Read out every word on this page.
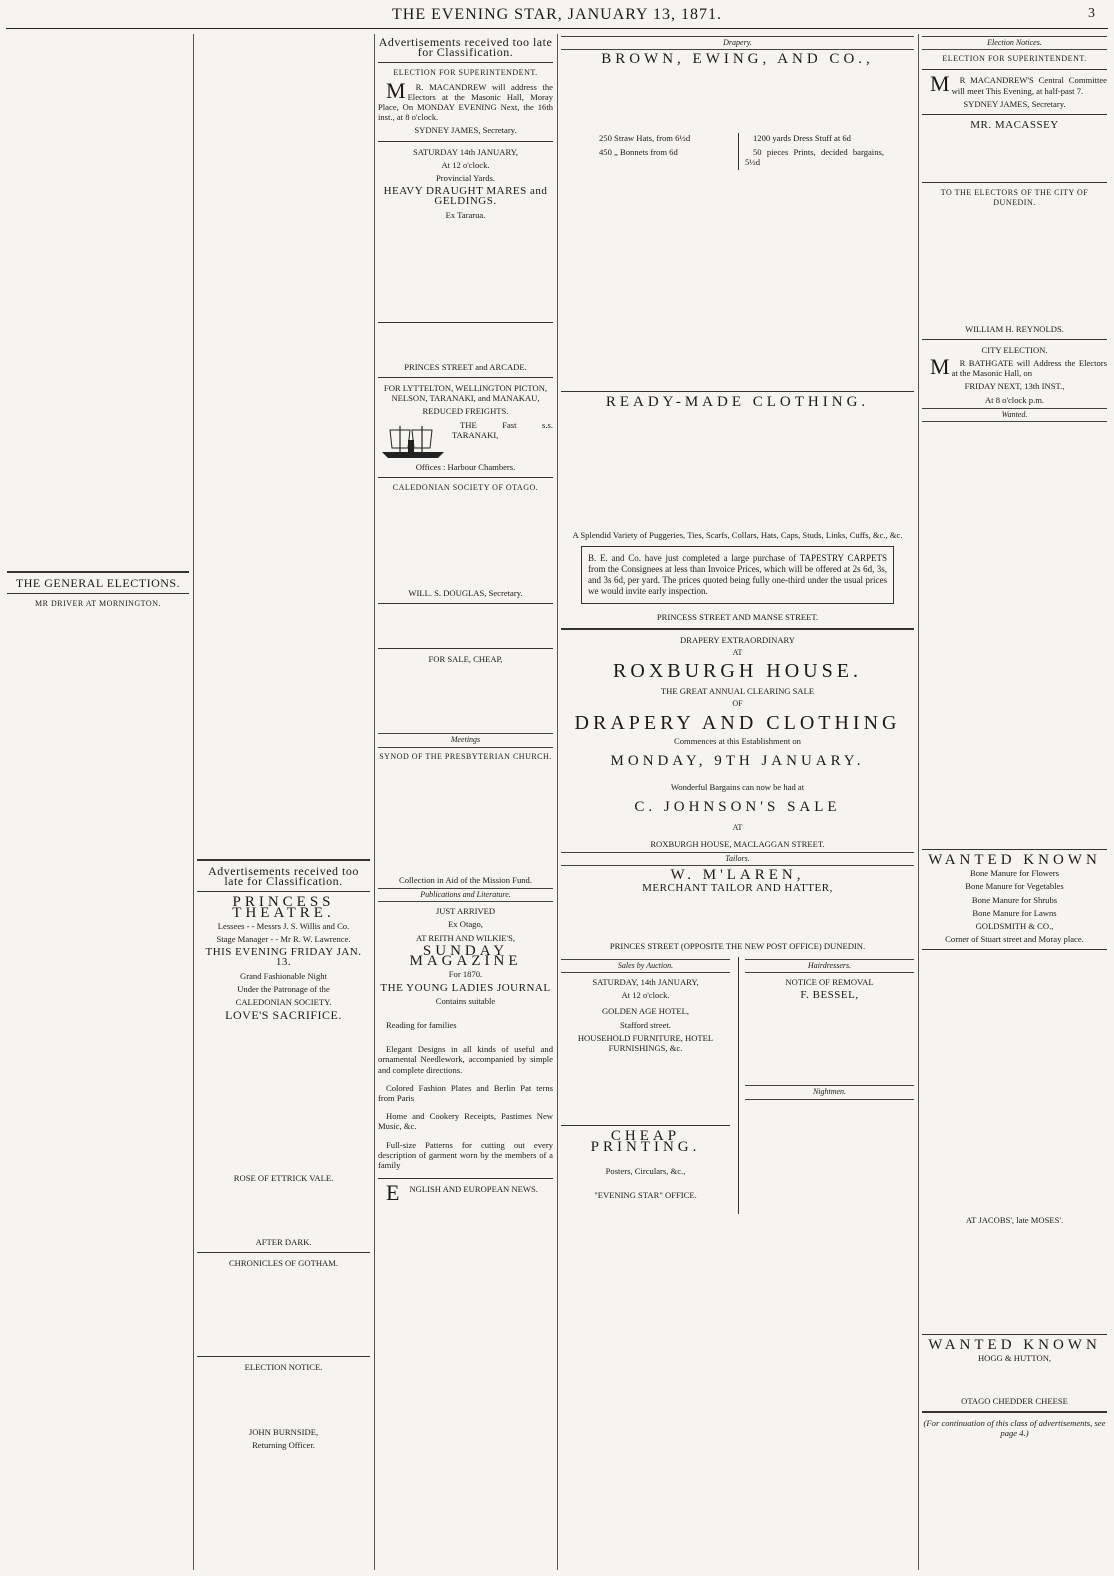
THE EVENING STAR, JANUARY 13, 1871.	3
THE GENERAL ELECTIONS.
MR DRIVER AT MORNINGTON.
Advertisements received too late for Classification.
PRINCESS THEATRE.

Lessees - - Messrs J. S. Willis and Co.

Stage Manager - - Mr R. W. Lawrence.

THIS EVENING FRIDAY JAN. 13.

Grand Fashionable Night

Under the Patronage of the

CALEDONIAN SOCIETY.

LOVE'S SACRIFICE.

ROSE OF ETTRICK VALE.

AFTER DARK.

CHRONICLES OF GOTHAM.

ELECTION NOTICE.

JOHN BURNSIDE,

Returning Officer.

Advertisements received too late for Classification.
ELECTION FOR SUPERINTENDENT.

MR. MACANDREW will address the Electors at the Masonic Hall, Moray Place, On MONDAY EVENING Next, the 16th inst., at 8 o'clock.

SYDNEY JAMES, Secretary.

SATURDAY 14th JANUARY,

At 12 o'clock.

Provincial Yards.

HEAVY DRAUGHT MARES and GELDINGS.

Ex Tararua.

PRINCES STREET and ARCADE.

FOR LYTTELTON, WELLINGTON PICTON, NELSON, TARANAKI, and MANAKAU,

REDUCED FREIGHTS.

THE Fast s.s. TARANAKI,

Offices : Harbour Chambers.

CALEDONIAN SOCIETY OF OTAGO.

WILL. S. DOUGLAS, Secretary.

FOR SALE, CHEAP,

Meetings
SYNOD OF THE PRESBYTERIAN CHURCH.

Collection in Aid of the Mission Fund.

Publications and Literature.

JUST ARRIVED

Ex Otago,

AT REITH AND WILKIE'S,

SUNDAY MAGAZINE

For 1870.

THE YOUNG LADIES JOURNAL

Contains suitable

Reading for families

Elegant Designs in all kinds of useful and ornamental Needlework, accompanied by simple and complete directions.

Colored Fashion Plates and Berlin Pat terns from Paris

Home and Cookery Receipts, Pastimes New Music, &c.

Full-size Patterns for cutting out every description of garment worn by the members of a family

ENGLISH AND EUROPEAN NEWS.

Drapery.
BROWN, EWING, AND CO.,

250 Straw Hats, from 6½d

450 „ Bonnets from 6d

1200 yards Dress Stuff at 6d

50 pieces Prints, decided bargains, 5½d

READY-MADE CLOTHING.

A Splendid Variety of Puggeries, Ties, Scarfs, Collars, Hats, Caps, Studs, Links, Cuffs, &c., &c.

B. E. and Co. have just completed a large purchase of TAPESTRY CARPETS from the Consignees at less than Invoice Prices, which will be offered at 2s 6d, 3s, and 3s 6d, per yard. The prices quoted being fully one-third under the usual prices we would invite early inspection.

PRINCESS STREET AND MANSE STREET.

DRAPERY EXTRAORDINARY

AT

ROXBURGH HOUSE.

THE GREAT ANNUAL CLEARING SALE

OF

DRAPERY AND CLOTHING

Commences at this Establishment on

MONDAY, 9TH JANUARY.

Wonderful Bargains can now be had at

C. JOHNSON'S SALE

AT

ROXBURGH HOUSE, MACLAGGAN STREET.

Tailors.
W. M'LAREN,
MERCHANT TAILOR AND HATTER,

PRINCES STREET (OPPOSITE THE NEW POST OFFICE) DUNEDIN.

Sales by Auction.

SATURDAY, 14th JANUARY,

At 12 o'clock.

GOLDEN AGE HOTEL,

Stafford street.

HOUSEHOLD FURNITURE, HOTEL FURNISHINGS, &c.

CHEAP PRINTING.

Posters, Circulars, &c.,

"EVENING STAR" OFFICE.

Hairdressers.

NOTICE OF REMOVAL

F. BESSEL,
Nightmen.
Election Notices.
ELECTION FOR SUPERINTENDENT.

MR MACANDREW'S Central Committee will meet This Evening, at half-past 7.

SYDNEY JAMES, Secretary.

MR. MACASSEY
TO THE ELECTORS OF THE CITY OF DUNEDIN.

WILLIAM H. REYNOLDS.

CITY ELECTION.

MR BATHGATE will Address the Electors at the Masonic Hall, on

FRIDAY NEXT, 13th INST.,

At 8 o'clock p.m.

Wanted.
WANTED KNOWN

Bone Manure for Flowers

Bone Manure for Vegetables

Bone Manure for Shrubs

Bone Manure for Lawns

GOLDSMITH & CO.,

Corner of Stuart street and Moray place.

AT JACOBS', late MOSES'.

WANTED KNOWN

HOGG & HUTTON,

OTAGO CHEDDER CHEESE

(For continuation of this class of advertisements, see page 4.)
